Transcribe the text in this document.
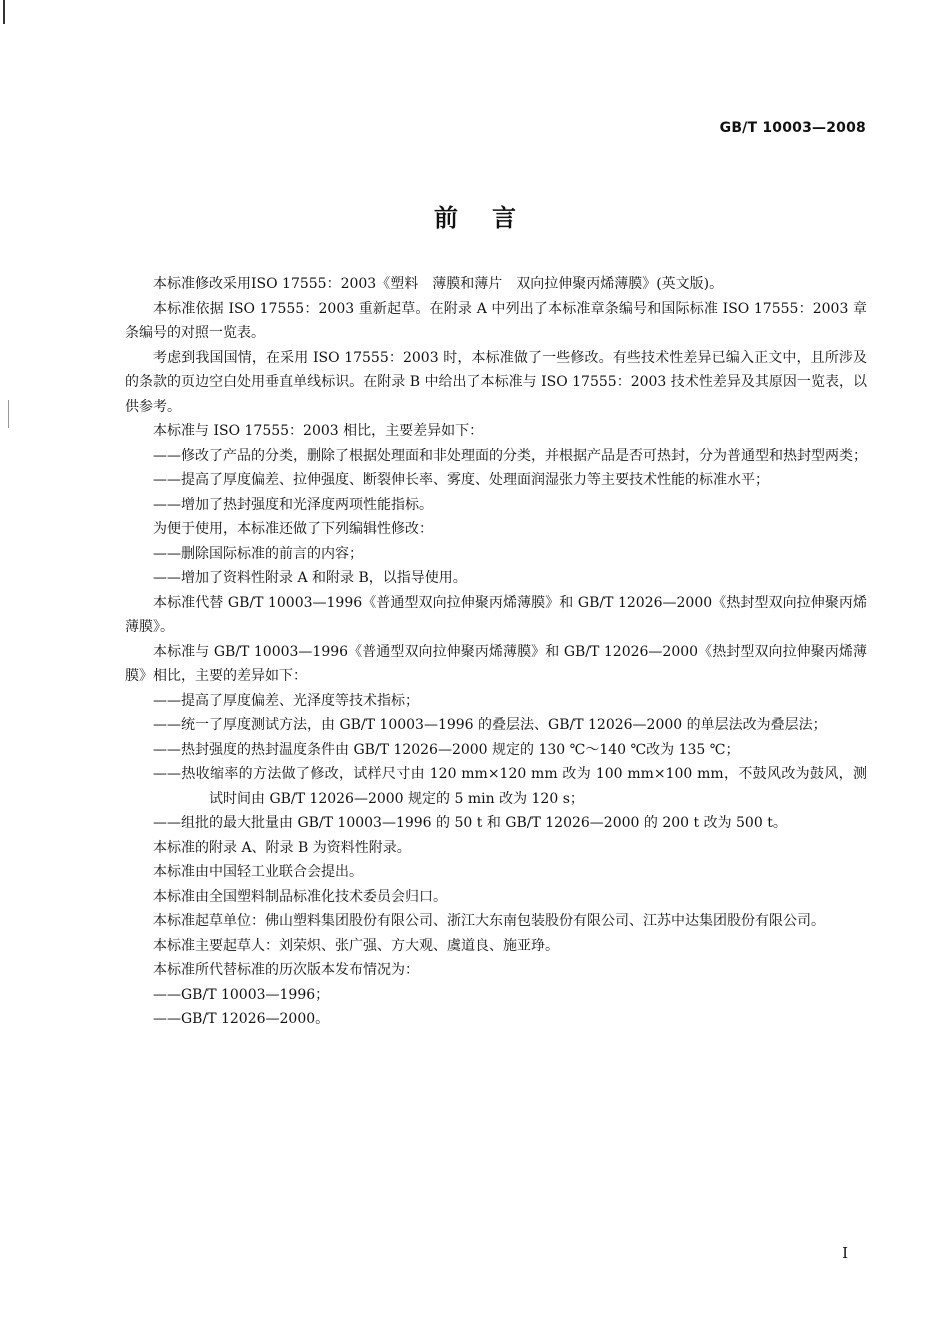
GB/T 10003—2008
前言

本标准修改采用ISO 17555：2003《塑料　薄膜和薄片　双向拉伸聚丙烯薄膜》(英文版)。

本标准依据 ISO 17555：2003 重新起草。在附录 A 中列出了本标准章条编号和国际标准 ISO 17555：2003 章条编号的对照一览表。

考虑到我国国情，在采用 ISO 17555：2003 时，本标准做了一些修改。有些技术性差异已编入正文中，且所涉及的条款的页边空白处用垂直单线标识。在附录 B 中给出了本标准与 ISO 17555：2003 技术性差异及其原因一览表，以供参考。

本标准与 ISO 17555：2003 相比，主要差异如下：

——修改了产品的分类，删除了根据处理面和非处理面的分类，并根据产品是否可热封，分为普通型和热封型两类；

——提高了厚度偏差、拉伸强度、断裂伸长率、雾度、处理面润湿张力等主要技术性能的标准水平；

——增加了热封强度和光泽度两项性能指标。

为便于使用，本标准还做了下列编辑性修改：

——删除国际标准的前言的内容；

——增加了资料性附录 A 和附录 B，以指导使用。

本标准代替 GB/T 10003—1996《普通型双向拉伸聚丙烯薄膜》和 GB/T 12026—2000《热封型双向拉伸聚丙烯薄膜》。

本标准与 GB/T 10003—1996《普通型双向拉伸聚丙烯薄膜》和 GB/T 12026—2000《热封型双向拉伸聚丙烯薄膜》相比，主要的差异如下：

——提高了厚度偏差、光泽度等技术指标；

——统一了厚度测试方法，由 GB/T 10003—1996 的叠层法、GB/T 12026—2000 的单层法改为叠层法；

——热封强度的热封温度条件由 GB/T 12026—2000 规定的 130 ℃～140 ℃改为 135 ℃；

——热收缩率的方法做了修改，试样尺寸由 120 mm×120 mm 改为 100 mm×100 mm，不鼓风改为鼓风，测试时间由 GB/T 12026—2000 规定的 5 min 改为 120 s；

——组批的最大批量由 GB/T 10003—1996 的 50 t 和 GB/T 12026—2000 的 200 t 改为 500 t。

本标准的附录 A、附录 B 为资料性附录。

本标准由中国轻工业联合会提出。

本标准由全国塑料制品标准化技术委员会归口。

本标准起草单位：佛山塑料集团股份有限公司、浙江大东南包装股份有限公司、江苏中达集团股份有限公司。

本标准主要起草人：刘荣炽、张广强、方大观、虞道良、施亚琤。

本标准所代替标准的历次版本发布情况为：

——GB/T 10003—1996；

——GB/T 12026—2000。

I
